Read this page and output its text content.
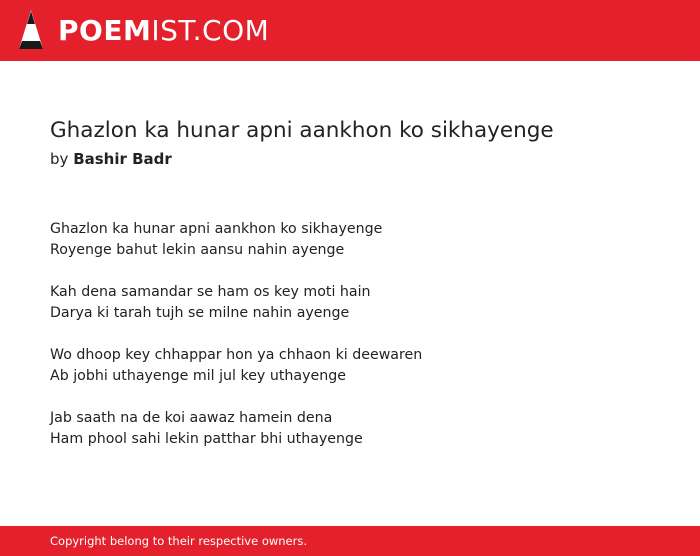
POEMIST.COM
Ghazlon ka hunar apni aankhon ko sikhayenge
by Bashir Badr
Ghazlon ka hunar apni aankhon ko sikhayenge
Royenge bahut lekin aansu nahin ayenge
Kah dena samandar se ham os key moti hain
Darya ki tarah tujh se milne nahin ayenge
Wo dhoop key chhappar hon ya chhaon ki deewaren
Ab jobhi uthayenge mil jul key uthayenge
Jab saath na de koi aawaz hamein dena
Ham phool sahi lekin patthar bhi uthayenge
Copyright belong to their respective owners.
